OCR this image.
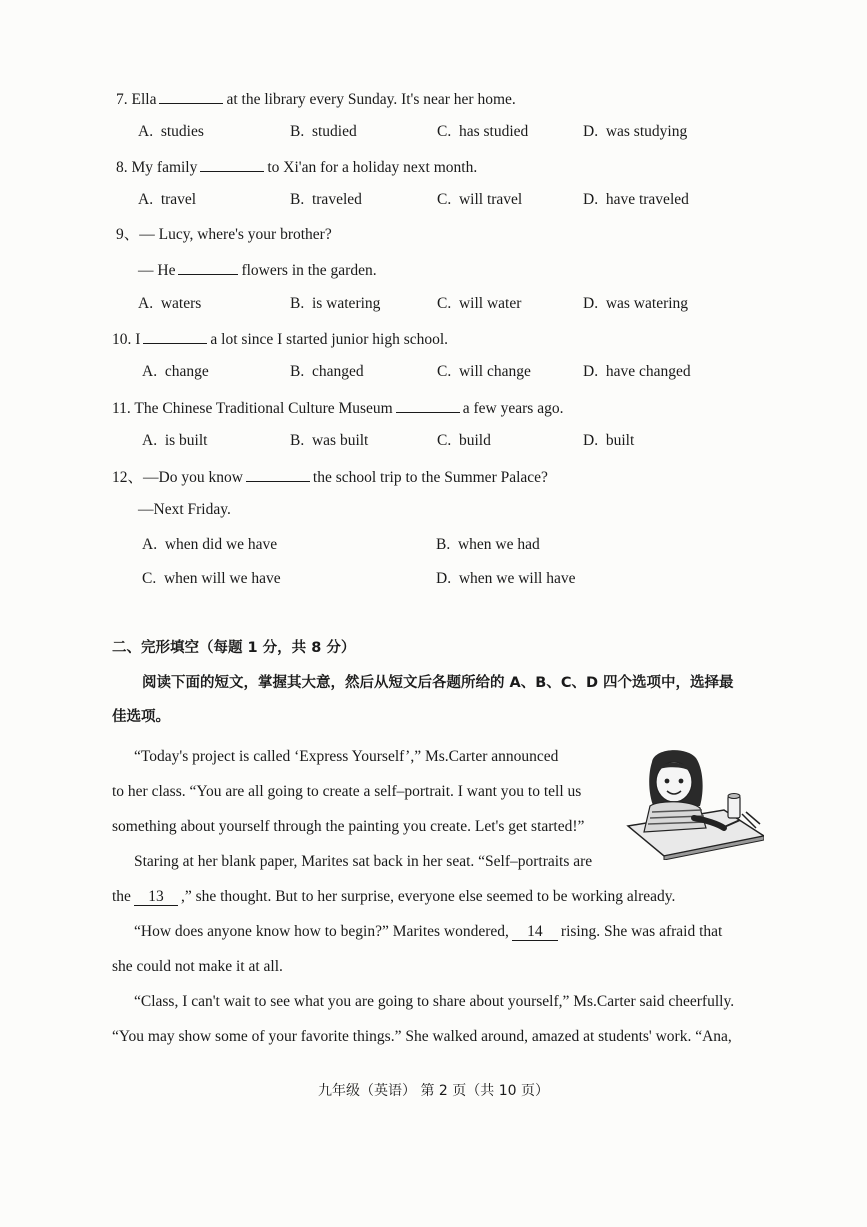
7. Ella	at the library every Sunday. It's near her home.
A. studies	B. studied	C. has studied	D. was studying
8. My family	to Xi'an for a holiday next month.
A. travel	B. traveled	C. will travel	D. have traveled
9、— Lucy, where's your brother?
— He	flowers in the garden.
A. waters	B. is watering	C. will water	D. was watering
10. I	a lot since I started junior high school.
A. change	B. changed	C. will change	D. have changed
11. The Chinese Traditional Culture Museum	a few years ago.
A. is built	B. was built	C. build	D. built
12、—Do you know	the school trip to the Summer Palace?
—Next Friday.
A. when did we have	B. when we had
C. when will we have	D. when we will have
二、完形填空（每题 1 分，共 8 分）
阅读下面的短文，掌握其大意，然后从短文后各题所给的 A、B、C、D 四个选项中，选择最
佳选项。
“Today's project is called ‘Express Yourself’,” Ms.Carter announced
to her class. “You are all going to create a self–portrait. I want you to tell us
something about yourself through the painting you create. Let's get started!”
Staring at her blank paper, Marites sat back in her seat. “Self–portraits are
the 13 ,” she thought. But to her surprise, everyone else seemed to be working already.
“How does anyone know how to begin?” Marites wondered, 14 rising. She was afraid that
she could not make it at all.
“Class, I can't wait to see what you are going to share about yourself,” Ms.Carter said cheerfully.
“You may show some of your favorite things.” She walked around, amazed at students' work. “Ana,
九年级（英语） 第 2 页（共 10 页）
